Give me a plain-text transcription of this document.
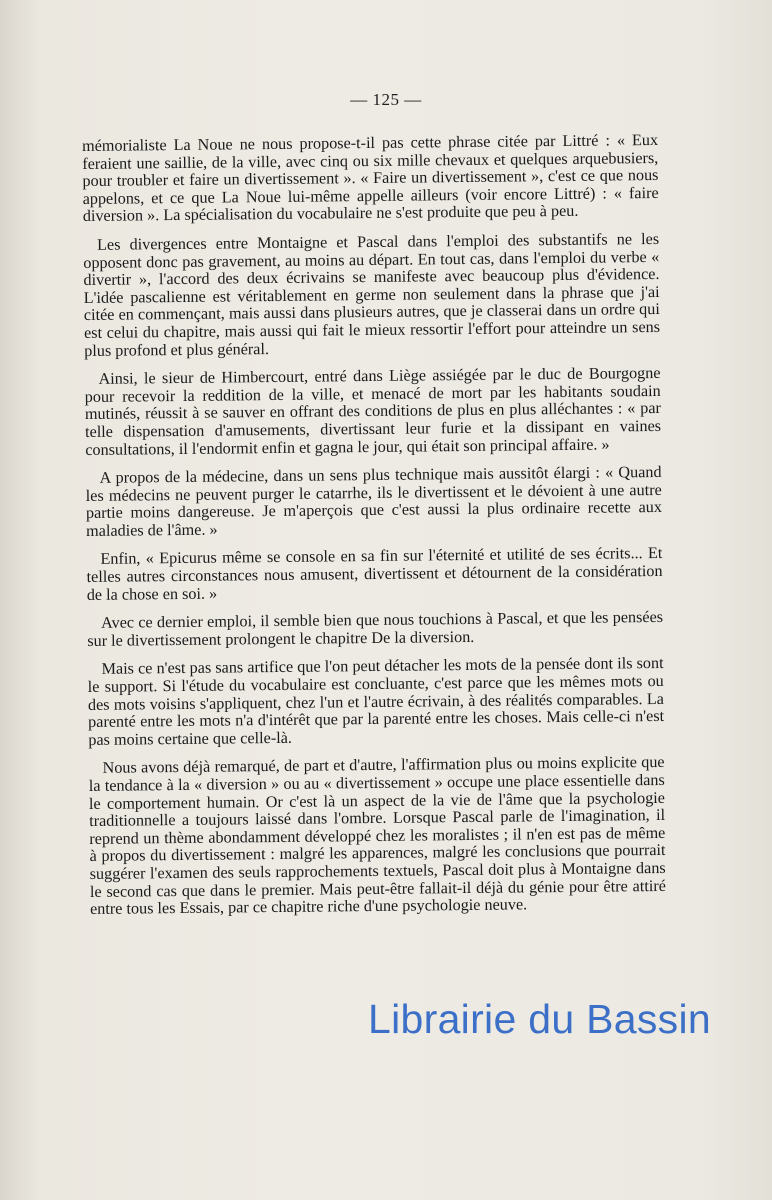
— 125 —

mémorialiste La Noue ne nous propose-t-il pas cette phrase citée par Littré : « Eux feraient une saillie, de la ville, avec cinq ou six mille chevaux et quelques arquebusiers, pour troubler et faire un divertissement ». « Faire un divertissement », c'est ce que nous appelons, et ce que La Noue lui-même appelle ailleurs (voir encore Littré) : « faire diversion ». La spécialisation du vocabulaire ne s'est produite que peu à peu.

Les divergences entre Montaigne et Pascal dans l'emploi des substantifs ne les opposent donc pas gravement, au moins au départ. En tout cas, dans l'emploi du verbe « divertir », l'accord des deux écrivains se manifeste avec beaucoup plus d'évidence. L'idée pascalienne est véritablement en germe non seulement dans la phrase que j'ai citée en commençant, mais aussi dans plusieurs autres, que je classerai dans un ordre qui est celui du chapitre, mais aussi qui fait le mieux ressortir l'effort pour atteindre un sens plus profond et plus général.

Ainsi, le sieur de Himbercourt, entré dans Liège assiégée par le duc de Bourgogne pour recevoir la reddition de la ville, et menacé de mort par les habitants soudain mutinés, réussit à se sauver en offrant des conditions de plus en plus alléchantes : « par telle dispensation d'amusements, divertissant leur furie et la dissipant en vaines consultations, il l'endormit enfin et gagna le jour, qui était son principal affaire. »

A propos de la médecine, dans un sens plus technique mais aussitôt élargi : « Quand les médecins ne peuvent purger le catarrhe, ils le divertissent et le dévoient à une autre partie moins dangereuse. Je m'aperçois que c'est aussi la plus ordinaire recette aux maladies de l'âme. »

Enfin, « Epicurus même se console en sa fin sur l'éternité et utilité de ses écrits... Et telles autres circonstances nous amusent, divertissent et détournent de la considération de la chose en soi. »

Avec ce dernier emploi, il semble bien que nous touchions à Pascal, et que les pensées sur le divertissement prolongent le chapitre De la diversion.

Mais ce n'est pas sans artifice que l'on peut détacher les mots de la pensée dont ils sont le support. Si l'étude du vocabulaire est concluante, c'est parce que les mêmes mots ou des mots voisins s'appliquent, chez l'un et l'autre écrivain, à des réalités comparables. La parenté entre les mots n'a d'intérêt que par la parenté entre les choses. Mais celle-ci n'est pas moins certaine que celle-là.

Nous avons déjà remarqué, de part et d'autre, l'affirmation plus ou moins explicite que la tendance à la « diversion » ou au « divertissement » occupe une place essentielle dans le comportement humain. Or c'est là un aspect de la vie de l'âme que la psychologie traditionnelle a toujours laissé dans l'ombre. Lorsque Pascal parle de l'imagination, il reprend un thème abondamment développé chez les moralistes ; il n'en est pas de même à propos du divertissement : malgré les apparences, malgré les conclusions que pourrait suggérer l'examen des seuls rapprochements textuels, Pascal doit plus à Montaigne dans le second cas que dans le premier. Mais peut-être fallait-il déjà du génie pour être attiré entre tous les Essais, par ce chapitre riche d'une psychologie neuve.

Librairie du Bassin
